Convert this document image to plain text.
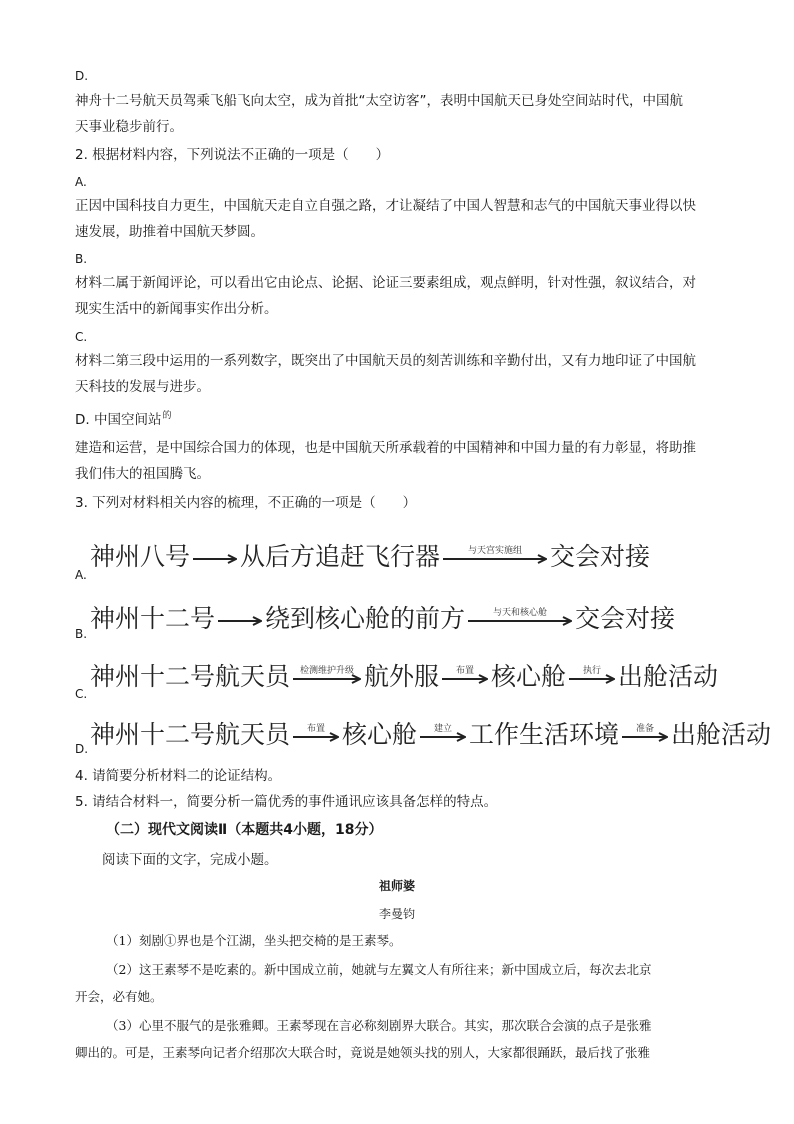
D.
神舟十二号航天员驾乘飞船飞向太空，成为首批“太空访客”，表明中国航天已身处空间站时代，中国航
天事业稳步前行。
2. 根据材料内容，下列说法不正确的一项是（　　）
A.
正因中国科技自力更生，中国航天走自立自强之路，才让凝结了中国人智慧和志气的中国航天事业得以快
速发展，助推着中国航天梦圆。
B.
材料二属于新闻评论，可以看出它由论点、论据、论证三要素组成，观点鲜明，针对性强，叙议结合，对
现实生活中的新闻事实作出分析。
C.
材料二第三段中运用的一系列数字，既突出了中国航天员的刻苦训练和辛勤付出，又有力地印证了中国航
天科技的发展与进步。
D. 中国空间站$^的$
建造和运营，是中国综合国力的体现，也是中国航天所承载着的中国精神和中国力量的有力彰显，将助推
我们伟大的祖国腾飞。
3. 下列对材料相关内容的梳理，不正确的一项是（　　）
A.
神州八号 从后方追赶飞行器	与天宫实施组 交会对接
B.
神州十二号 绕到核心舱的前方	与天和核心舱 交会对接
C.
神州十二号航天员 检测维护升级 航外服 布置 核心舱 执行 出舱活动
D. 神州十二号航天员 布置 核心舱 建立 工作生活环境 准备 出舱活动
4. 请简要分析材料二的论证结构。
5. 请结合材料一，简要分析一篇优秀的事件通讯应该具备怎样的特点。
（二）现代文阅读Ⅱ（本题共4小题，18分）
阅读下面的文字，完成小题。
祖师婆
李曼钧
（1）刻剧①界也是个江湖，坐头把交椅的是王素琴。
（2）这王素琴不是吃素的。新中国成立前，她就与左翼文人有所往来；新中国成立后，每次去北京
开会，必有她。
（3）心里不服气的是张雅卿。王素琴现在言必称刻剧界大联合。其实，那次联合会演的点子是张雅
卿出的。可是，王素琴向记者介绍那次大联合时，竟说是她领头找的别人，大家都很踊跃，最后找了张雅
